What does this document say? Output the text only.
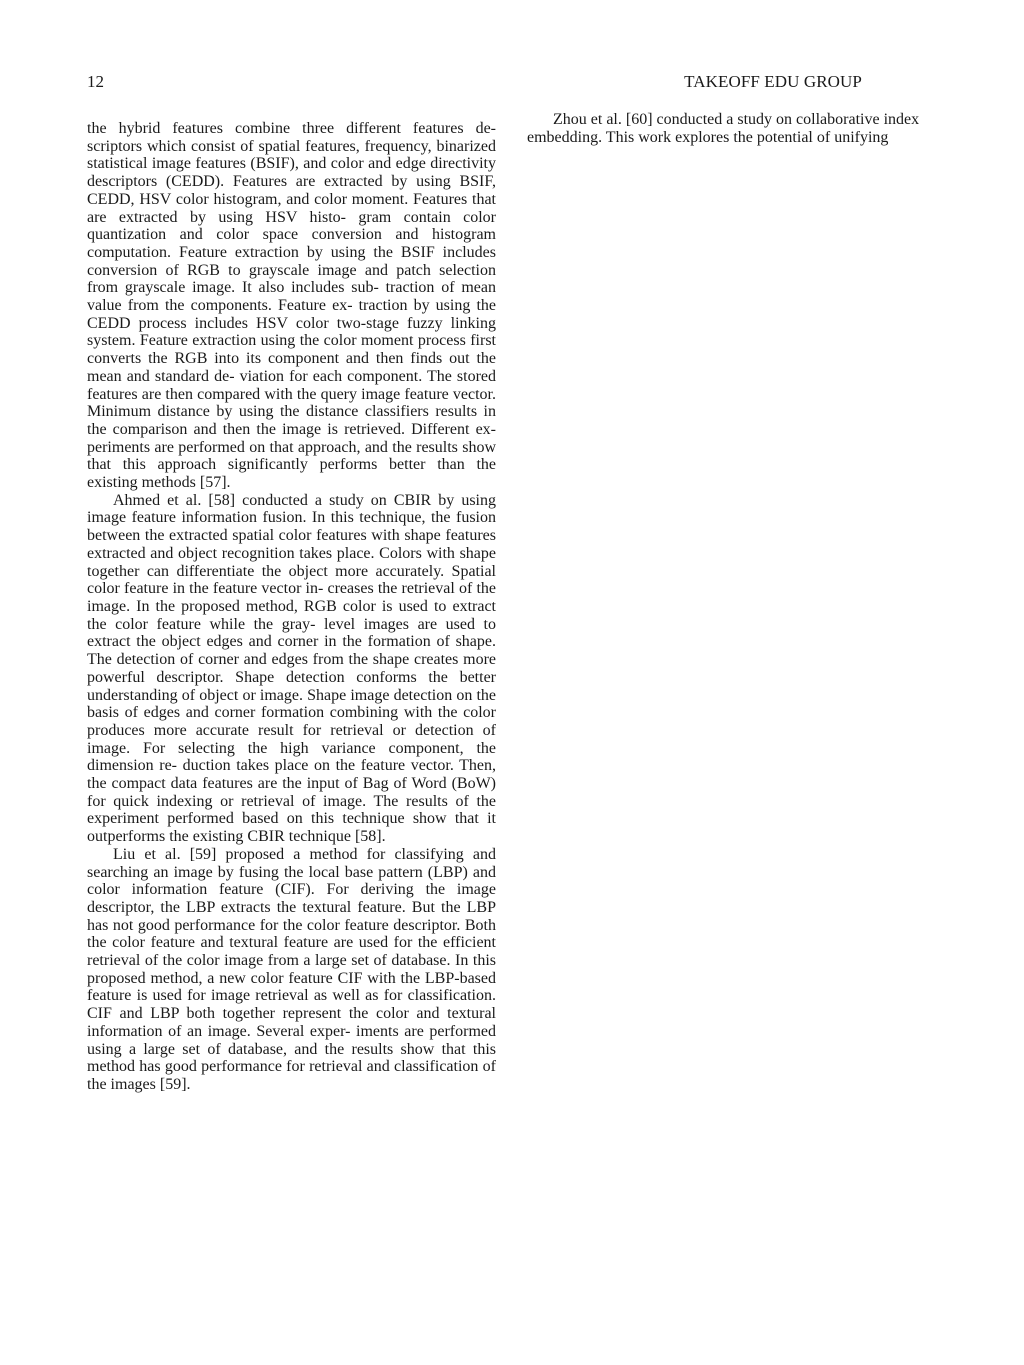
12	TAKEOFF EDU GROUP

the hybrid features combine three different features de- scriptors which consist of spatial features, frequency, binarized statistical image features (BSIF), and color and edge directivity descriptors (CEDD). Features are extracted by using BSIF, CEDD, HSV color histogram, and color moment. Features that are extracted by using HSV histo- gram contain color quantization and color space conversion and histogram computation. Feature extraction by using the BSIF includes conversion of RGB to grayscale image and patch selection from grayscale image. It also includes sub- traction of mean value from the components. Feature ex- traction by using the CEDD process includes HSV color two-stage fuzzy linking system. Feature extraction using the color moment process first converts the RGB into its component and then finds out the mean and standard de- viation for each component. The stored features are then compared with the query image feature vector. Minimum distance by using the distance classifiers results in the comparison and then the image is retrieved. Different ex- periments are performed on that approach, and the results show that this approach significantly performs better than the existing methods [57].

Ahmed et al. [58] conducted a study on CBIR by using image feature information fusion. In this technique, the fusion between the extracted spatial color features with shape features extracted and object recognition takes place. Colors with shape together can differentiate the object more accurately. Spatial color feature in the feature vector in- creases the retrieval of the image. In the proposed method, RGB color is used to extract the color feature while the gray- level images are used to extract the object edges and corner in the formation of shape. The detection of corner and edges from the shape creates more powerful descriptor. Shape detection conforms the better understanding of object or image. Shape image detection on the basis of edges and corner formation combining with the color produces more accurate result for retrieval or detection of image. For selecting the high variance component, the dimension re- duction takes place on the feature vector. Then, the compact data features are the input of Bag of Word (BoW) for quick indexing or retrieval of image. The results of the experiment performed based on this technique show that it outperforms the existing CBIR technique [58].

Liu et al. [59] proposed a method for classifying and searching an image by fusing the local base pattern (LBP) and color information feature (CIF). For deriving the image descriptor, the LBP extracts the textural feature. But the LBP has not good performance for the color feature descriptor. Both the color feature and textural feature are used for the efficient retrieval of the color image from a large set of database. In this proposed method, a new color feature CIF with the LBP-based feature is used for image retrieval as well as for classification. CIF and LBP both together represent the color and textural information of an image. Several exper- iments are performed using a large set of database, and the results show that this method has good performance for retrieval and classification of the images [59].

Zhou et al. [60] conducted a study on collaborative index embedding. This work explores the potential of unifying
